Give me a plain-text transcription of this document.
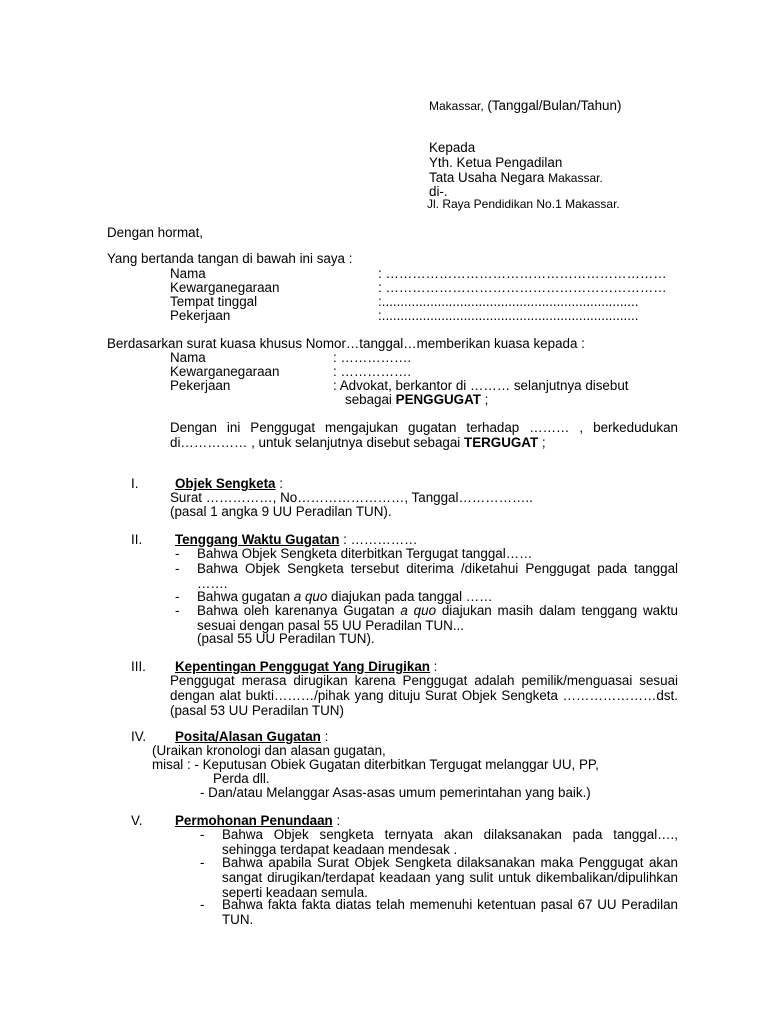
Makassar, (Tanggal/Bulan/Tahun)
Kepada
Yth. Ketua Pengadilan
Tata Usaha Negara Makassar.
di-.
Jl. Raya Pendidikan No.1 Makassar.
Dengan hormat,
Yang bertanda tangan di bawah ini saya :
Nama	: ………………………………………………………
Kewarganegaraan	: ………………………………………………………
Tempat tinggal	:.....................................................................
Pekerjaan	:.....................................................................
Berdasarkan surat kuasa khusus Nomor…tanggal…memberikan kuasa kepada :
Nama	: …………….
Kewarganegaraan	: …………….
Pekerjaan	: Advokat, berkantor di ……… selanjutnya disebut
sebagai PENGGUGAT ;
Dengan ini Penggugat mengajukan gugatan terhadap ……… , berkedudukan di…………… , untuk selanjutnya disebut sebagai TERGUGAT ;
I.	Objek Sengketa :
Surat ……………, No……………………, Tanggal……………..
(pasal 1 angka 9 UU Peradilan TUN).
II. Tenggang Waktu Gugatan : ……………
- Bahwa Objek Sengketa diterbitkan Tergugat tanggal……
- Bahwa Objek Sengketa tersebut diterima /diketahui Penggugat pada tanggal …….
- Bahwa gugatan a quo diajukan pada tanggal ……
- Bahwa oleh karenanya Gugatan a quo diajukan masih dalam tenggang waktu sesuai dengan pasal 55 UU Peradilan TUN...
(pasal 55 UU Peradilan TUN).
III. Kepentingan Penggugat Yang Dirugikan :
Penggugat merasa dirugikan karena Penggugat adalah pemilik/menguasai sesuai dengan alat bukti………/pihak yang dituju Surat Objek Sengketa …………………dst. (pasal 53 UU Peradilan TUN)
IV. Posita/Alasan Gugatan :
(Uraikan kronologi dan alasan gugatan,
misal : - Keputusan Obiek Gugatan diterbitkan Tergugat melanggar UU, PP,
Perda dll.
- Dan/atau Melanggar Asas-asas umum pemerintahan yang baik.)
V. Permohonan Penundaan :
- Bahwa Objek sengketa ternyata akan dilaksanakan pada tanggal…., sehingga terdapat keadaan mendesak .
- Bahwa apabila Surat Objek Sengketa dilaksanakan maka Penggugat akan sangat dirugikan/terdapat keadaan yang sulit untuk dikembalikan/dipulihkan seperti keadaan semula.
- Bahwa fakta fakta diatas telah memenuhi ketentuan pasal 67 UU Peradilan TUN.
